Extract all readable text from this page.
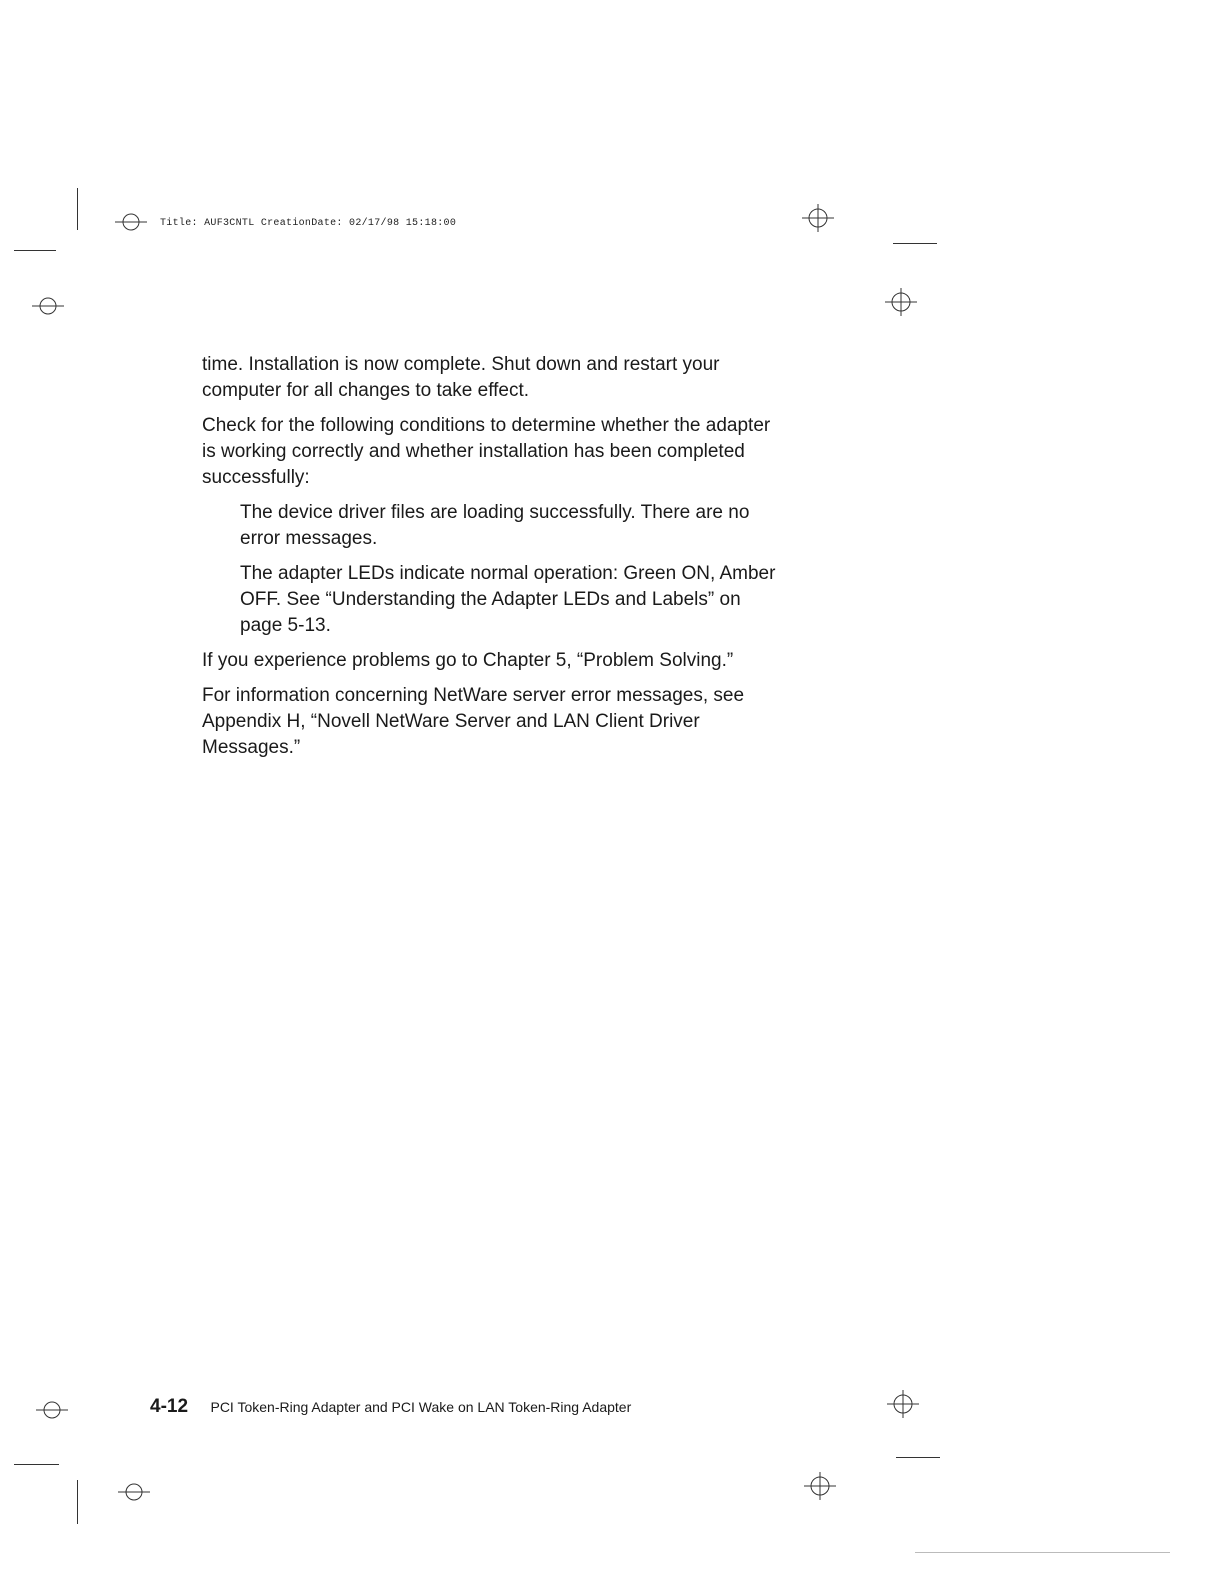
Title: AUF3CNTL CreationDate: 02/17/98 15:18:00

time. Installation is now complete. Shut down and restart your computer for all changes to take effect.

Check for the following conditions to determine whether the adapter is working correctly and whether installation has been completed successfully:

The device driver files are loading successfully. There are no error messages.

The adapter LEDs indicate normal operation: Green ON, Amber OFF. See “Understanding the Adapter LEDs and Labels” on page 5-13.

If you experience problems go to Chapter 5, “Problem Solving.”

For information concerning NetWare server error messages, see Appendix H, “Novell NetWare Server and LAN Client Driver Messages.”

4-12 PCI Token-Ring Adapter and PCI Wake on LAN Token-Ring Adapter
